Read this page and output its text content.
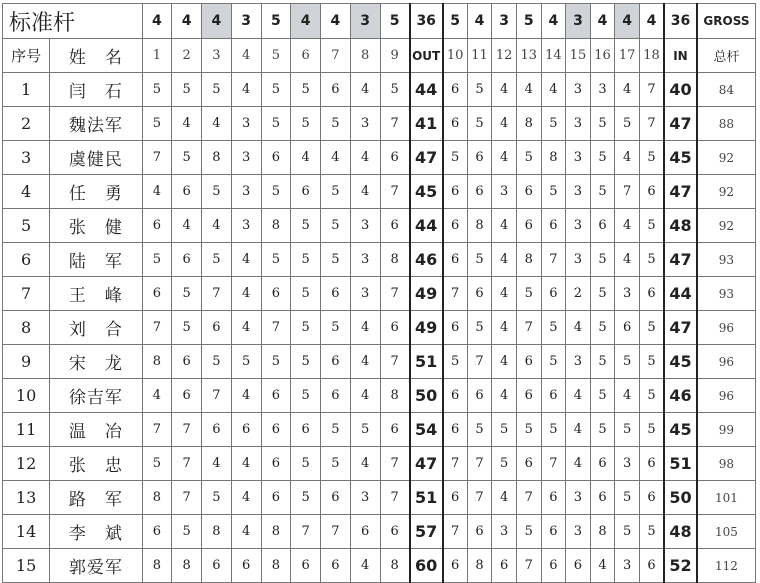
标准杆		4	4	4	3	5	4	4	3	5	36	5	4	3	5	4	3	4	4	4	36	GROSS
序号	姓　名	1	2	3	4	5	6	7	8	9	OUT	10	11	12	13	14	15	16	17	18	IN	总杆
1	闫　石	5	5	5	4	5	5	6	4	5	44	6	5	4	4	4	3	3	4	7	40	84
2	魏法军	5	4	4	3	5	5	5	3	7	41	6	5	4	8	5	3	5	5	7	47	88
3	虞健民	7	5	8	3	6	4	4	4	6	47	5	6	4	5	8	3	5	4	5	45	92
4	任　勇	4	6	5	3	5	6	5	4	7	45	6	6	3	6	5	3	5	7	6	47	92
5	张　健	6	4	4	3	8	5	5	3	6	44	6	8	4	6	6	3	6	4	5	48	92
6	陆　军	5	6	5	4	5	5	5	3	8	46	6	5	4	8	7	3	5	4	5	47	93
7	王　峰	6	5	7	4	6	5	6	3	7	49	7	6	4	5	6	2	5	3	6	44	93
8	刘　合	7	5	6	4	7	5	5	4	6	49	6	5	4	7	5	4	5	6	5	47	96
9	宋　龙	8	6	5	5	5	5	6	4	7	51	5	7	4	6	5	3	5	5	5	45	96
10	徐吉军	4	6	7	4	6	5	6	4	8	50	6	6	4	6	6	4	5	4	5	46	96
11	温　冶	7	7	6	6	6	6	5	5	6	54	6	5	5	5	5	4	5	5	5	45	99
12	张　忠	5	7	4	4	6	5	5	4	7	47	7	7	5	6	7	4	6	3	6	51	98
13	路　军	8	7	5	4	6	5	6	3	7	51	6	7	4	7	6	3	6	5	6	50	101
14	李　斌	6	5	8	4	8	7	7	6	6	57	7	6	3	5	6	3	8	5	5	48	105
15	郭爱军	8	8	6	6	8	6	6	4	8	60	6	8	6	7	6	6	4	3	6	52	112
